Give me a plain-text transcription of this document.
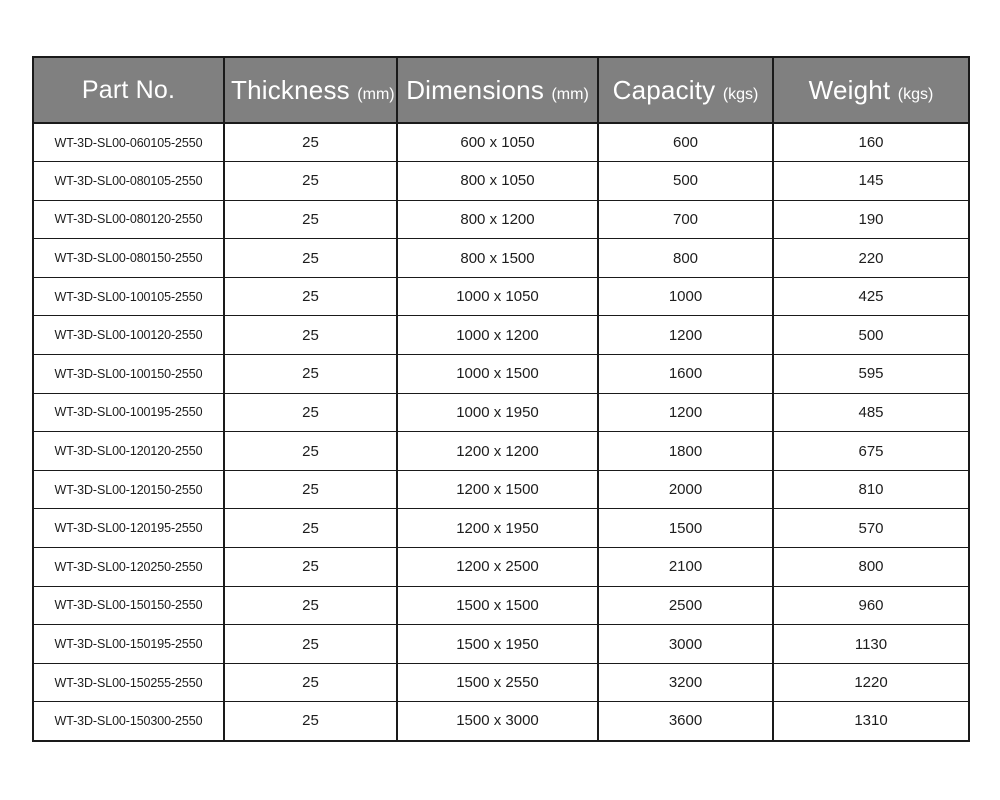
Part No.	Thickness (mm)	Dimensions (mm)	Capacity (kgs)	Weight (kgs)
WT-3D-SL00-060105-2550	25	600 x 1050	600	160
WT-3D-SL00-080105-2550	25	800 x 1050	500	145
WT-3D-SL00-080120-2550	25	800 x 1200	700	190
WT-3D-SL00-080150-2550	25	800 x 1500	800	220
WT-3D-SL00-100105-2550	25	1000 x 1050	1000	425
WT-3D-SL00-100120-2550	25	1000 x 1200	1200	500
WT-3D-SL00-100150-2550	25	1000 x 1500	1600	595
WT-3D-SL00-100195-2550	25	1000 x 1950	1200	485
WT-3D-SL00-120120-2550	25	1200 x 1200	1800	675
WT-3D-SL00-120150-2550	25	1200 x 1500	2000	810
WT-3D-SL00-120195-2550	25	1200 x 1950	1500	570
WT-3D-SL00-120250-2550	25	1200 x 2500	2100	800
WT-3D-SL00-150150-2550	25	1500 x 1500	2500	960
WT-3D-SL00-150195-2550	25	1500 x 1950	3000	1130
WT-3D-SL00-150255-2550	25	1500 x 2550	3200	1220
WT-3D-SL00-150300-2550	25	1500 x 3000	3600	1310
